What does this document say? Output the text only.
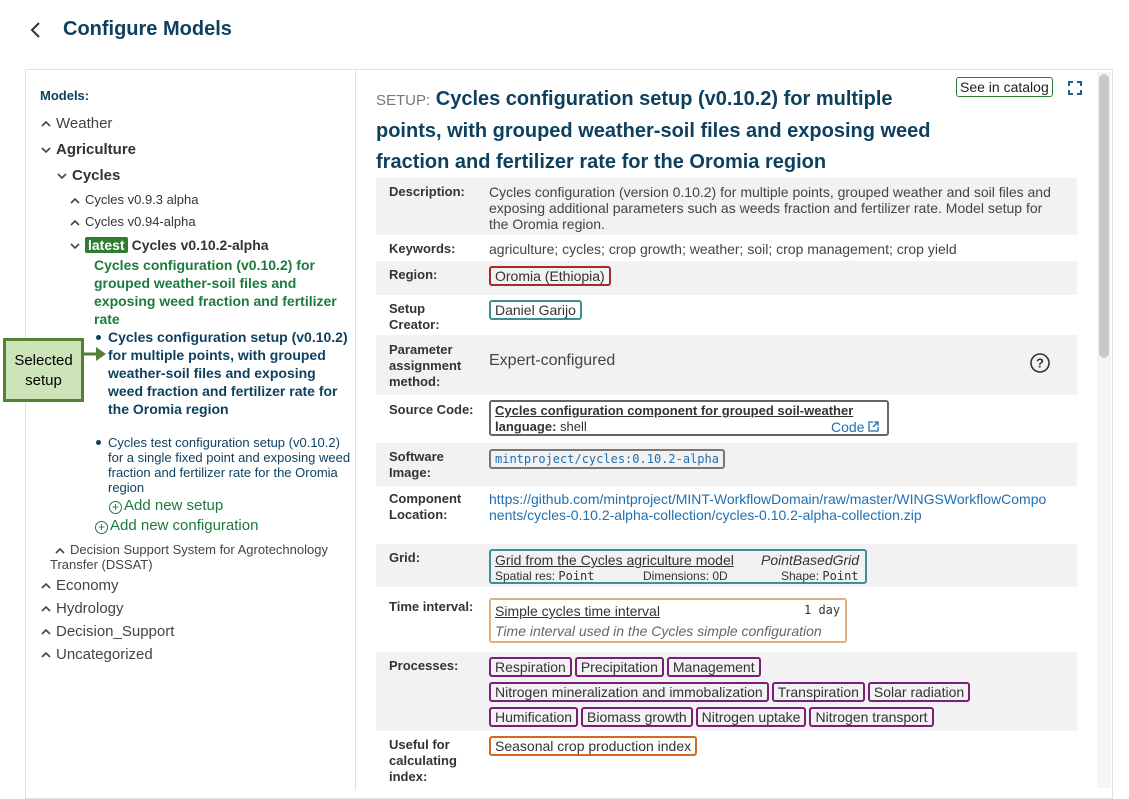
Configure Models
Models:
Weather
Agriculture
Cycles
Cycles v0.9.3 alpha
Cycles v0.94-alpha
latest Cycles v0.10.2-alpha
Cycles configuration (v0.10.2) for grouped weather-soil files and exposing weed fraction and fertilizer rate
Cycles configuration setup (v0.10.2) for multiple points, with grouped weather-soil files and exposing weed fraction and fertilizer rate for the Oromia region
Cycles test configuration setup (v0.10.2) for a single fixed point and exposing weed fraction and fertilizer rate for the Oromia region
+ Add new setup
+ Add new configuration
Decision Support System for Agrotechnology Transfer (DSSAT)
Economy
Hydrology
Decision_Support
Uncategorized
Selected setup
SETUP: Cycles configuration setup (v0.10.2) for multiple points, with grouped weather-soil files and exposing weed fraction and fertilizer rate for the Oromia region
See in catalog
Description: Cycles configuration (version 0.10.2) for multiple points, grouped weather and soil files and exposing additional parameters such as weeds fraction and fertilizer rate. Model setup for the Oromia region.
Keywords: agriculture; cycles; crop growth; weather; soil; crop management; crop yield
Region:	Oromia (Ethiopia)
Setup Creator:
Daniel Garijo
Parameter assignment method:
Expert-configured	?
Source Code: Cycles configuration component for grouped soil-weather
language: shell	Code
Software Image:
mintproject/cycles:0.10.2-alpha
Component Location:
https://github.com/mintproject/MINT-WorkflowDomain/raw/master/WINGSWorkflowComponents/cycles-0.10.2-alpha-collection/cycles-0.10.2-alpha-collection.zip
Grid:	Grid from the Cycles agriculture model PointBasedGrid
Spatial res: Point	Dimensions: 0D	Shape: Point
Time interval: Simple cycles time interval	1 day
Time interval used in the Cycles simple configuration
Processes:	Respiration Precipitation Management
Nitrogen mineralization and immobalization Transpiration Solar radiation
Humification Biomass growth Nitrogen uptake Nitrogen transport
Useful for calculating index:
Seasonal crop production index
